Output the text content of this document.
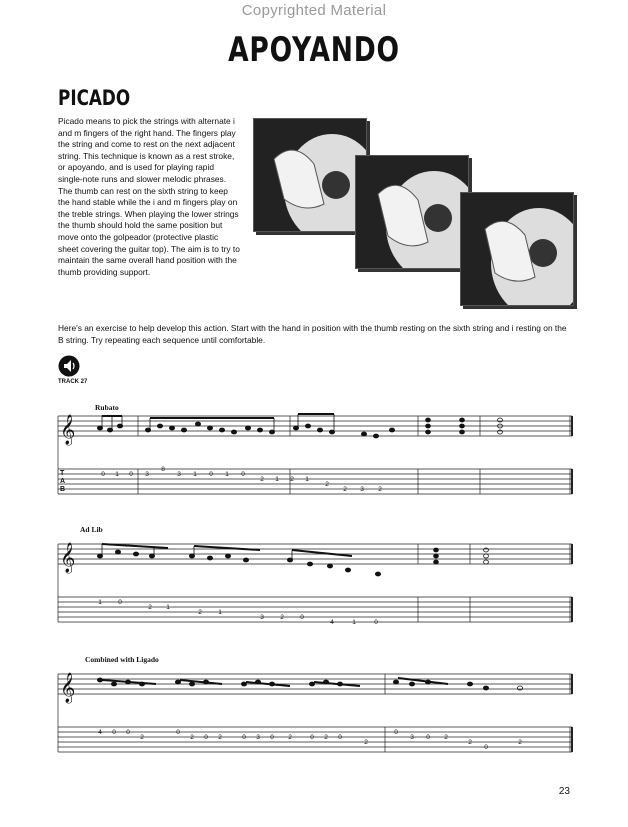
Copyrighted Material
APOYANDO
PICADO
Picado means to pick the strings with alternate i and m fingers of the right hand. The fingers play the string and come to rest on the next adjacent string. This technique is known as a rest stroke, or apoyando, and is used for playing rapid single-note runs and slower melodic phrases. The thumb can rest on the sixth string to keep the hand stable while the i and m fingers play on the treble strings. When playing the lower strings the thumb should hold the same position but move onto the golpeador (protective plastic sheet covering the guitar top). The aim is to try to maintain the same overall hand position with the thumb providing support.
Here's an exercise to help develop this action. Start with the hand in position with the thumb resting on the sixth string and i resting on the B string. Try repeating each sequence until comfortable.
TRACK 27
Rubato
Ad Lib
Combined with Ligado
𝄞
𝄞
𝄞
0 1 0 3
8
3 1 0 1 0
2 1 2 1
2
2 3 2
1	0
2 1
2	1
3	2	0
4	1	0
4 0 0
2
0
2 0 2	0 3 0 2	0 2 0
2
0
3 0 2
2
0
2
T
A
B
23
